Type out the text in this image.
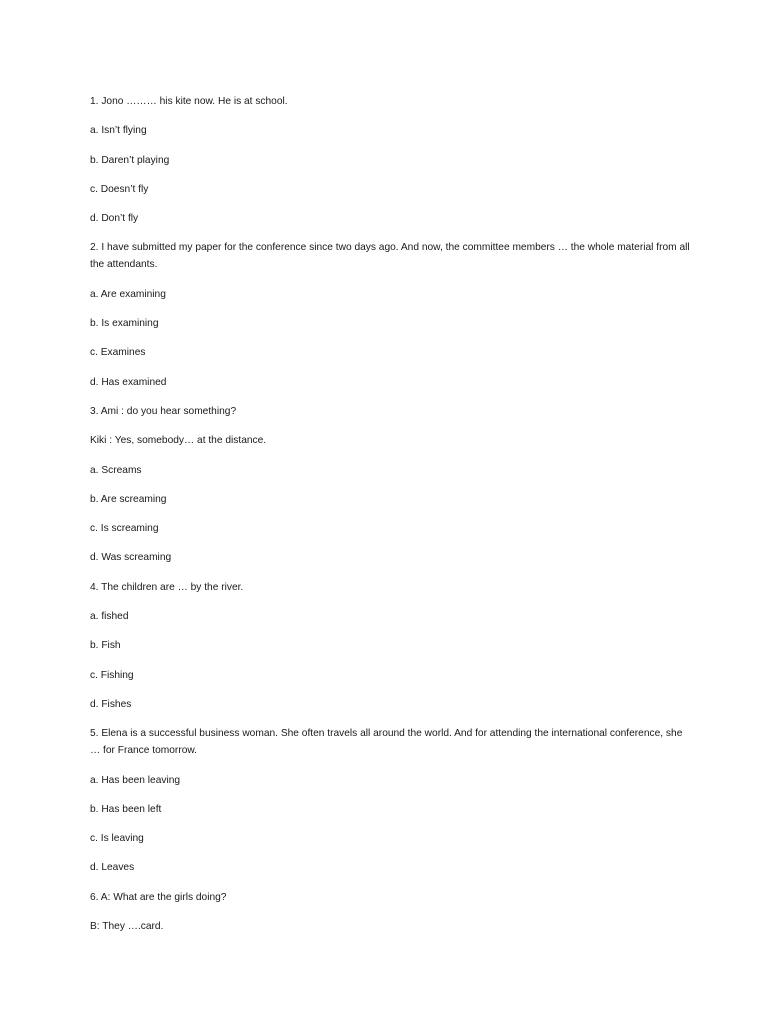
1. Jono ……… his kite now. He is at school.

a. Isn’t flying

b. Daren’t playing

c. Doesn’t fly

d. Don’t fly

2. I have submitted my paper for the conference since two days ago. And now, the committee members … the whole material from all the attendants.

a. Are examining

b. Is examining

c. Examines

d. Has examined

3. Ami : do you hear something?

Kiki : Yes, somebody… at the distance.

a. Screams

b. Are screaming

c. Is screaming

d. Was screaming

4. The children are … by the river.

a. fished

b. Fish

c. Fishing

d. Fishes

5. Elena is a successful business woman. She often travels all around the world. And for attending the international conference, she … for France tomorrow.

a. Has been leaving

b. Has been left

c. Is leaving

d. Leaves

6. A: What are the girls doing?

B: They ….card.
